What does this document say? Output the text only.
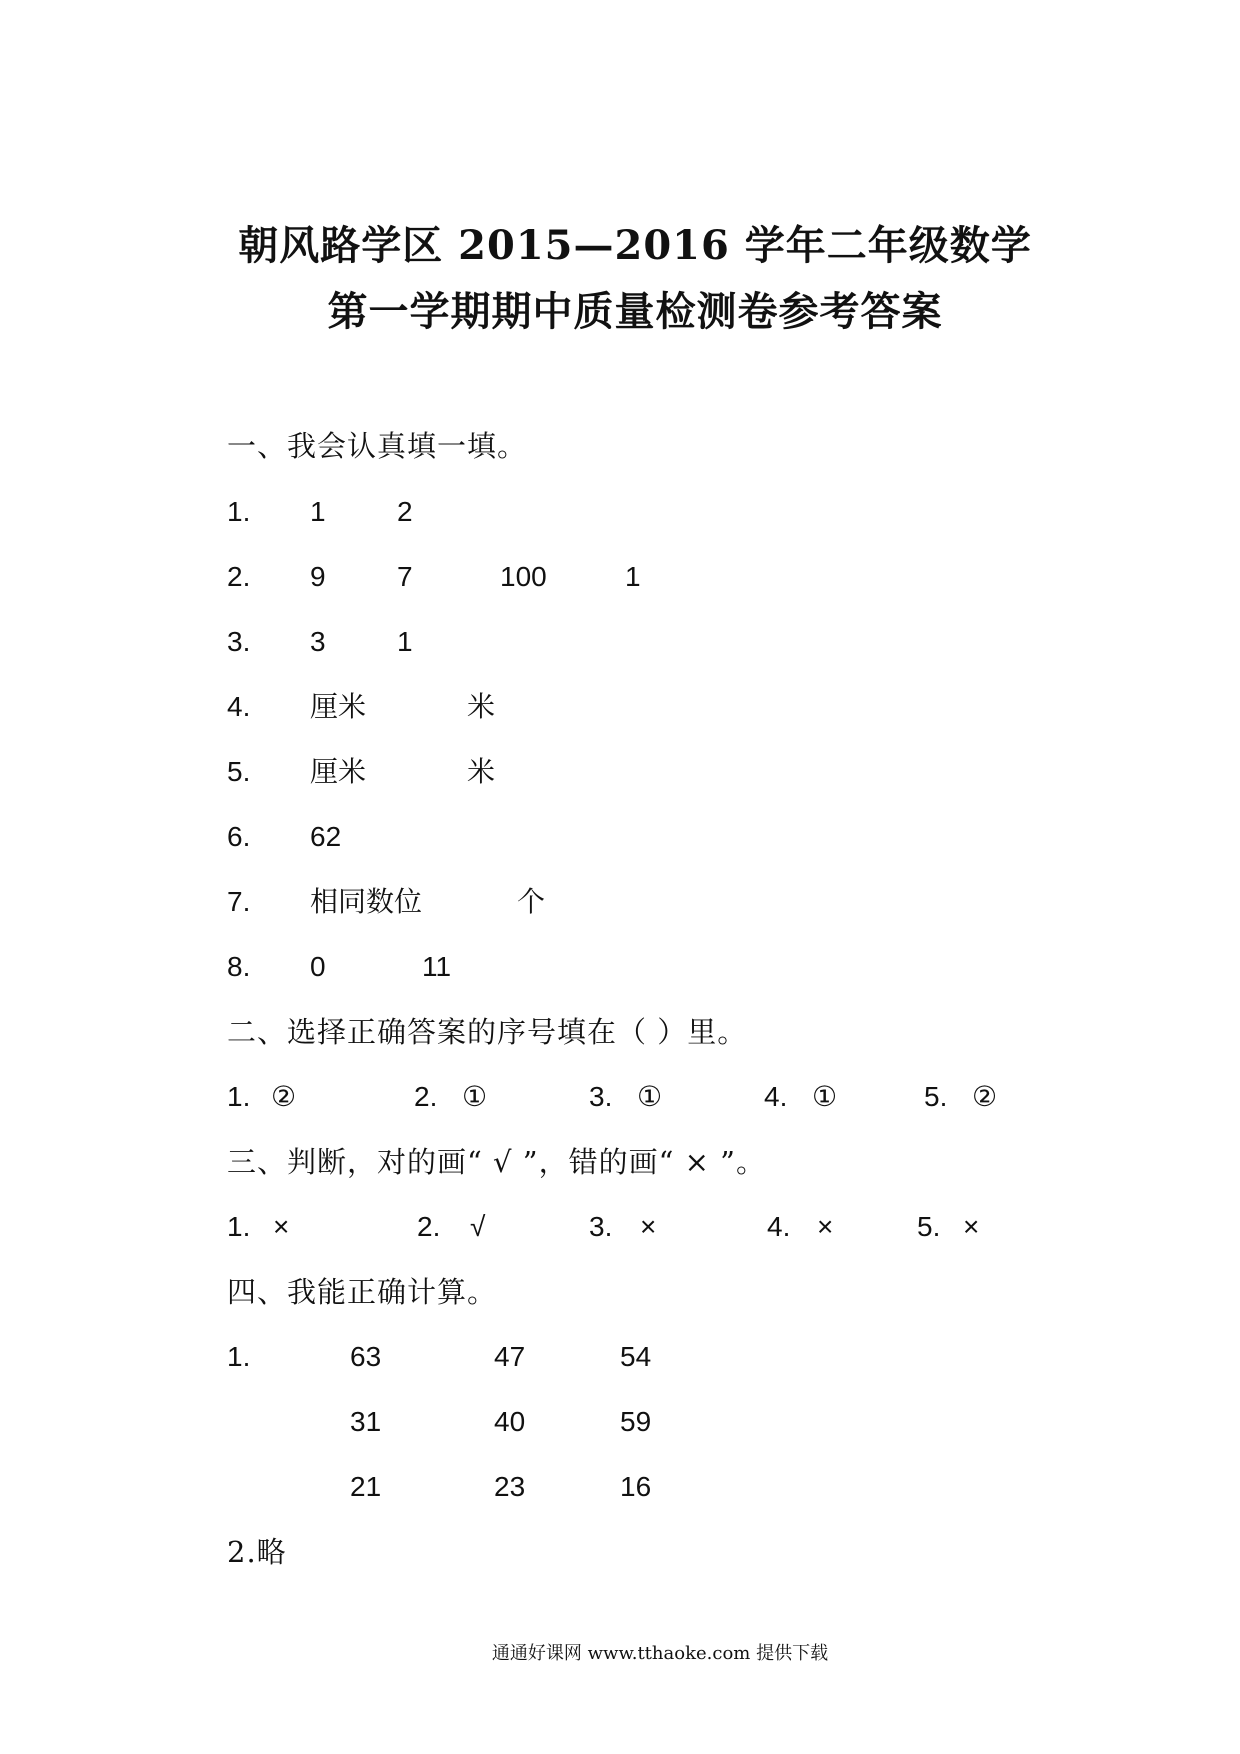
朝风路学区 2015—2016 学年二年级数学
第一学期期中质量检测卷参考答案
一、我会认真填一填。
1. 1	2
2. 9	7	100	1
3. 3	1
4. 厘米	米
5. 厘米	米
6. 62
7. 相同数位	个
8. 0	11
二、选择正确答案的序号填在（ ）里。
1. ②	2. ①	3. ①	4. ①	5. ②
三、判断，对的画“ √ ”，错的画“ × ”。
1. ×	2. √	3. ×	4. ×	5. ×
四、我能正确计算。
1.	63	47	54
31	40	59
21	23	16
2.略
通通好课网 www.tthaoke.com 提供下载
